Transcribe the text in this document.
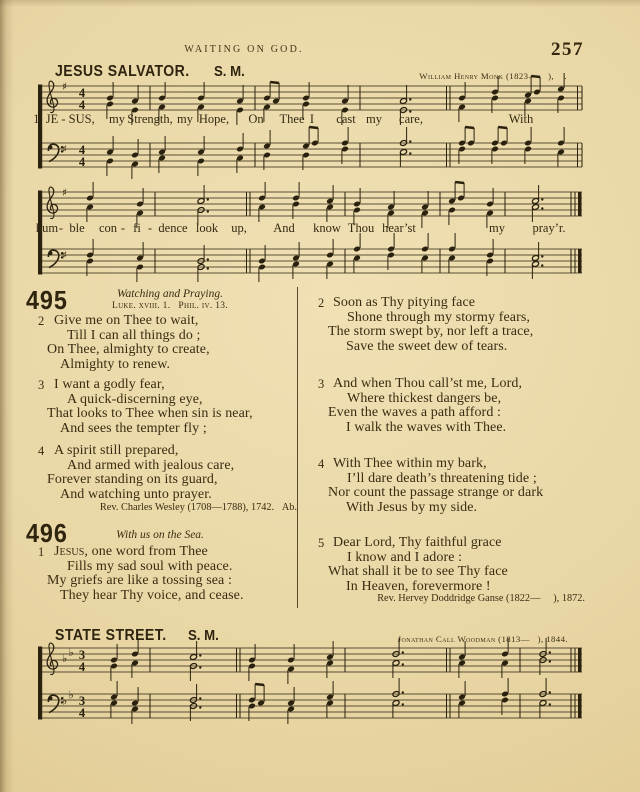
♯
♯
4
4
4
4
♯
♯
♭ ♭
♭ ♭
3
4
3
4
WAITING ON GOD.	257
JESUS SALVATOR. S. M.	William Henry Monk (1823—    ),    .
1. JE - SUS, my Strength, my Hope, On Thee I cast my care,	With
hum - ble con - fi - dence look up, And know Thou hear’st	my pray’r.
495	Watching and Praying.
Luke. xviii. 1.   Phil. iv. 13.
2 Give me on Thee to wait,
Till I can all things do ;
On Thee, almighty to create,
Almighty to renew.
3 I want a godly fear,
A quick-discerning eye,
That looks to Thee when sin is near,
And sees the tempter fly ;
4 A spirit still prepared,
And armed with jealous care,
Forever standing on its guard,
And watching unto prayer.
Rev. Charles Wesley (1708—1788), 1742.   Ab.
496	With us on the Sea.
1 Jesus, one word from Thee
Fills my sad soul with peace.
My griefs are like a tossing sea :
They hear Thy voice, and cease.
2 Soon as Thy pitying face
Shone through my stormy fears,
The storm swept by, nor left a trace,
Save the sweet dew of tears.
3 And when Thou call’st me, Lord,
Where thickest dangers be,
Even the waves a path afford :
I walk the waves with Thee.
4 With Thee within my bark,
I’ll dare death’s threatening tide ;
Nor count the passage strange or dark
With Jesus by my side.
5 Dear Lord, Thy faithful grace
I know and I adore :
What shall it be to see Thy face
In Heaven, forevermore !
Rev. Hervey Doddridge Ganse (1822—     ), 1872.
STATE STREET. S. M.	Jonathan Call Woodman (1813—   ), 1844.
